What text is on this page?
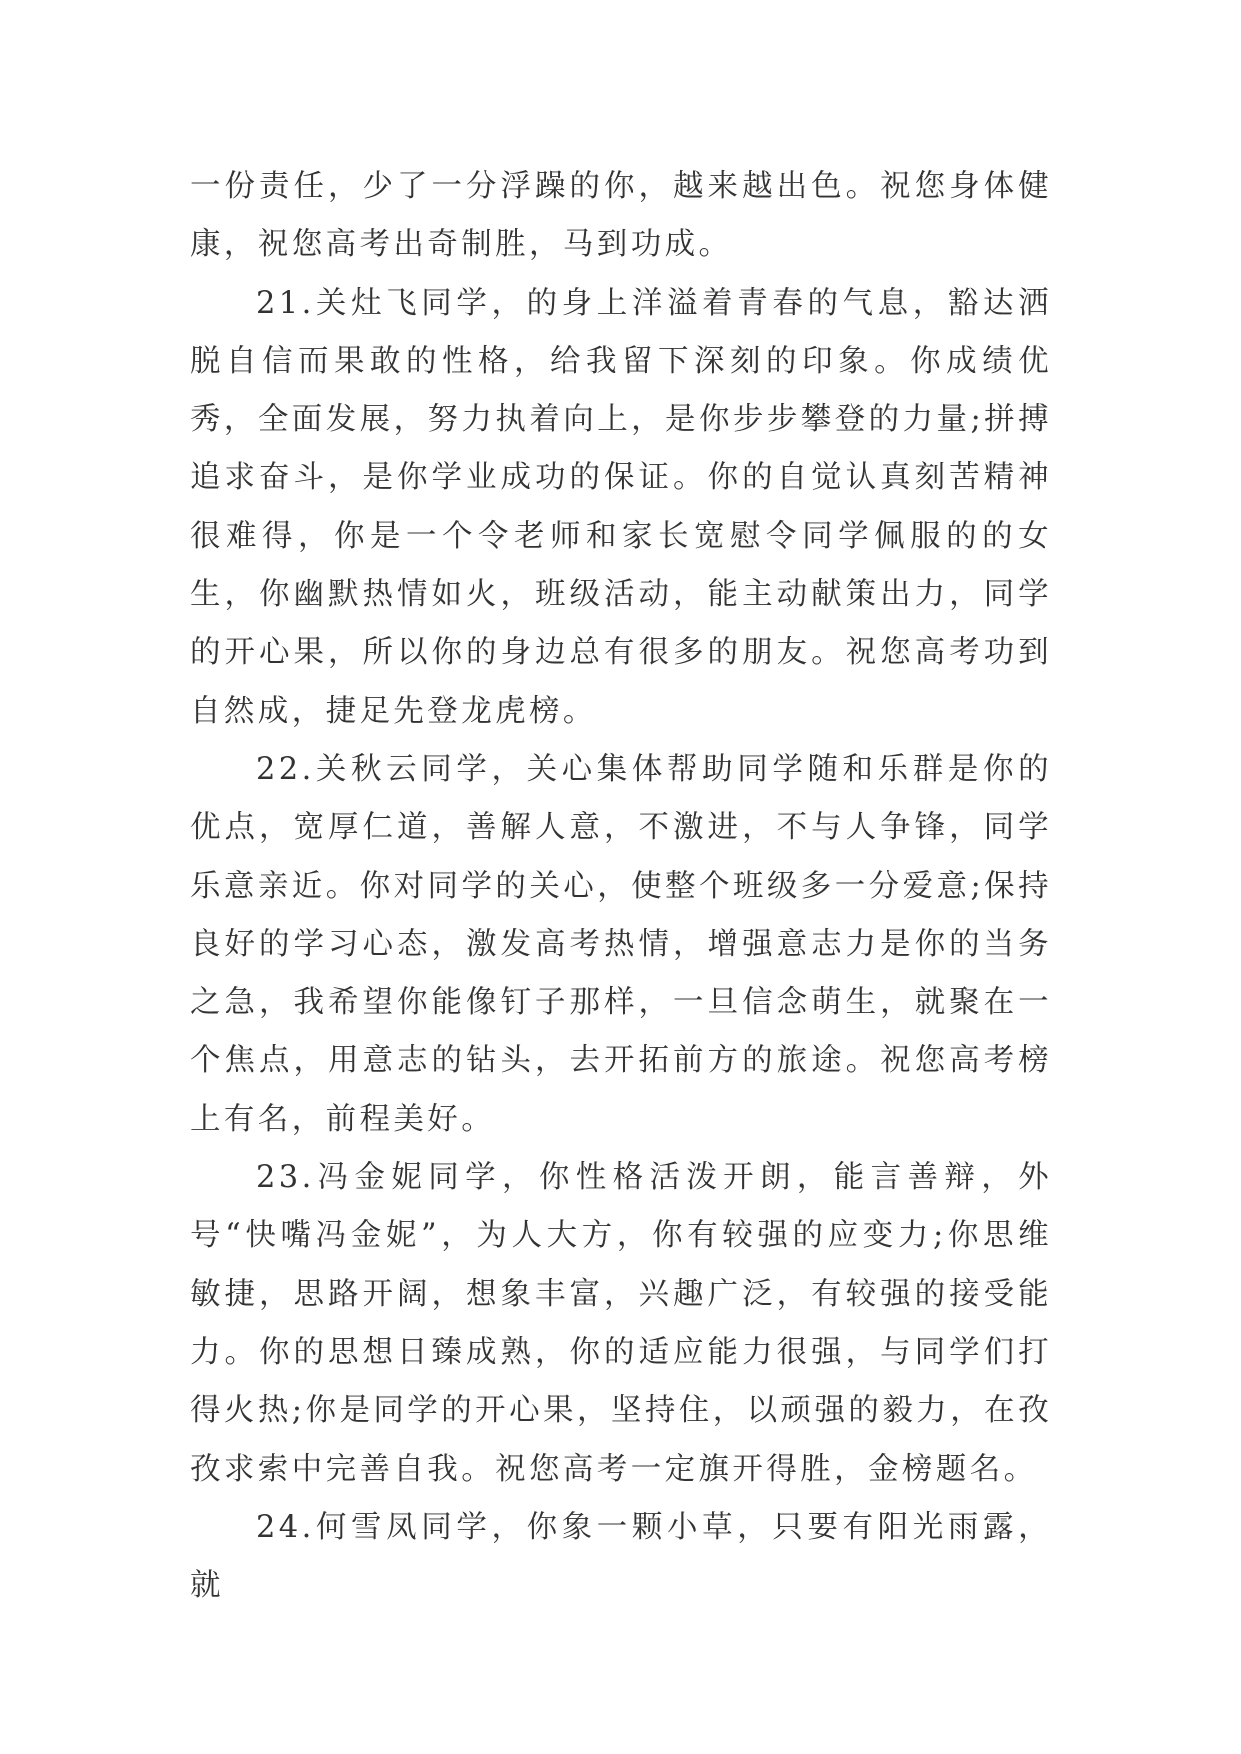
一份责任，少了一分浮躁的你，越来越出色。祝您身体健康，祝您高考出奇制胜，马到功成。

21.关灶飞同学，的身上洋溢着青春的气息，豁达洒脱自信而果敢的性格，给我留下深刻的印象。你成绩优秀，全面发展，努力执着向上，是你步步攀登的力量;拼搏追求奋斗，是你学业成功的保证。你的自觉认真刻苦精神很难得，你是一个令老师和家长宽慰令同学佩服的的女生，你幽默热情如火，班级活动，能主动献策出力，同学的开心果，所以你的身边总有很多的朋友。祝您高考功到自然成，捷足先登龙虎榜。

22.关秋云同学，关心集体帮助同学随和乐群是你的优点，宽厚仁道，善解人意，不激进，不与人争锋，同学乐意亲近。你对同学的关心，使整个班级多一分爱意;保持良好的学习心态，激发高考热情，增强意志力是你的当务之急，我希望你能像钉子那样，一旦信念萌生，就聚在一个焦点，用意志的钻头，去开拓前方的旅途。祝您高考榜上有名，前程美好。

23.冯金妮同学，你性格活泼开朗，能言善辩，外号“快嘴冯金妮”，为人大方，你有较强的应变力;你思维敏捷，思路开阔，想象丰富，兴趣广泛，有较强的接受能力。你的思想日臻成熟，你的适应能力很强，与同学们打得火热;你是同学的开心果，坚持住，以顽强的毅力，在孜孜求索中完善自我。祝您高考一定旗开得胜，金榜题名。

24.何雪凤同学，你象一颗小草，只要有阳光雨露，就
